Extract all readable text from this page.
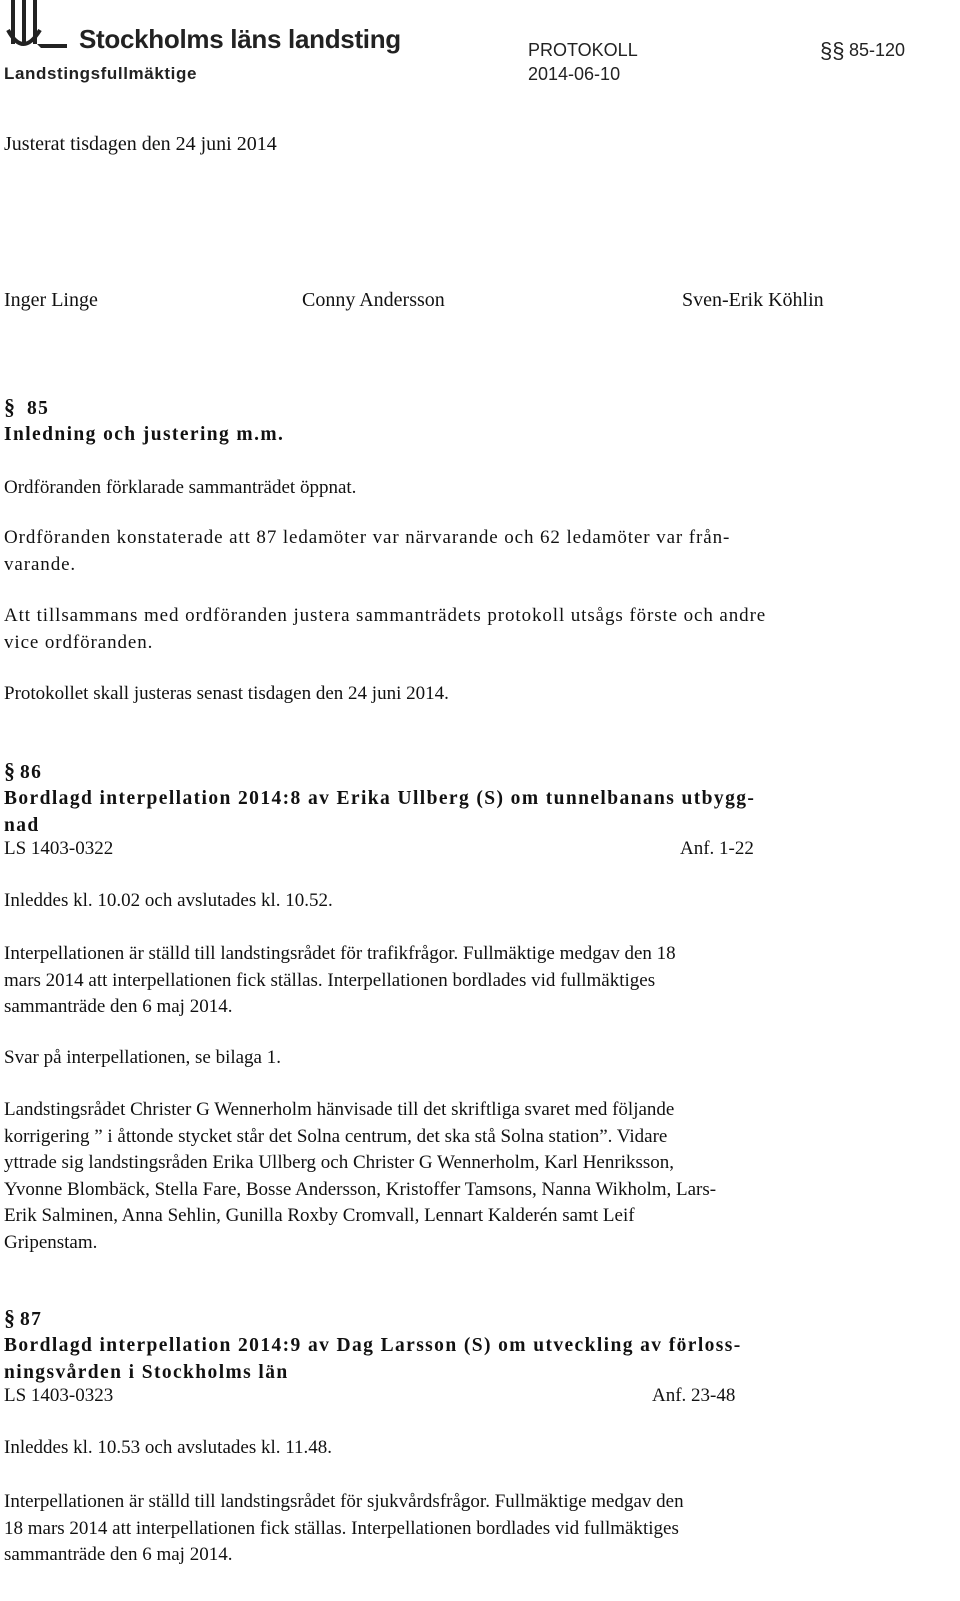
Stockholms läns landsting
Landstingsfullmäktige
PROTOKOLL	§§ 85-120
2014-06-10
Justerat tisdagen den 24 juni 2014
Inger Linge	Conny Andersson	Sven-Erik Köhlin
§ 85
Inledning och justering m.m.
Ordföranden förklarade sammanträdet öppnat.
Ordföranden konstaterade att 87 ledamöter var närvarande och 62 ledamöter var från-
varande.
Att tillsammans med ordföranden justera sammanträdets protokoll utsågs förste och andre
vice ordföranden.
Protokollet skall justeras senast tisdagen den 24 juni 2014.
§ 86
Bordlagd interpellation 2014:8 av Erika Ullberg (S) om tunnelbanans utbygg-
nad
LS 1403-0322	Anf. 1-22
Inleddes kl. 10.02 och avslutades kl. 10.52.
Interpellationen är ställd till landstingsrådet för trafikfrågor. Fullmäktige medgav den 18
mars 2014 att interpellationen fick ställas. Interpellationen bordlades vid fullmäktiges
sammanträde den 6 maj 2014.
Svar på interpellationen, se bilaga 1.
Landstingsrådet Christer G Wennerholm hänvisade till det skriftliga svaret med följande
korrigering ” i åttonde stycket står det Solna centrum, det ska stå Solna station”. Vidare
yttrade sig landstingsråden Erika Ullberg och Christer G Wennerholm, Karl Henriksson,
Yvonne Blombäck, Stella Fare, Bosse Andersson, Kristoffer Tamsons, Nanna Wikholm, Lars-
Erik Salminen, Anna Sehlin, Gunilla Roxby Cromvall, Lennart Kalderén samt Leif
Gripenstam.
§ 87
Bordlagd interpellation 2014:9 av Dag Larsson (S) om utveckling av förloss-
ningsvården i Stockholms län
LS 1403-0323	Anf. 23-48
Inleddes kl. 10.53 och avslutades kl. 11.48.
Interpellationen är ställd till landstingsrådet för sjukvårdsfrågor. Fullmäktige medgav den
18 mars 2014 att interpellationen fick ställas. Interpellationen bordlades vid fullmäktiges
sammanträde den 6 maj 2014.
